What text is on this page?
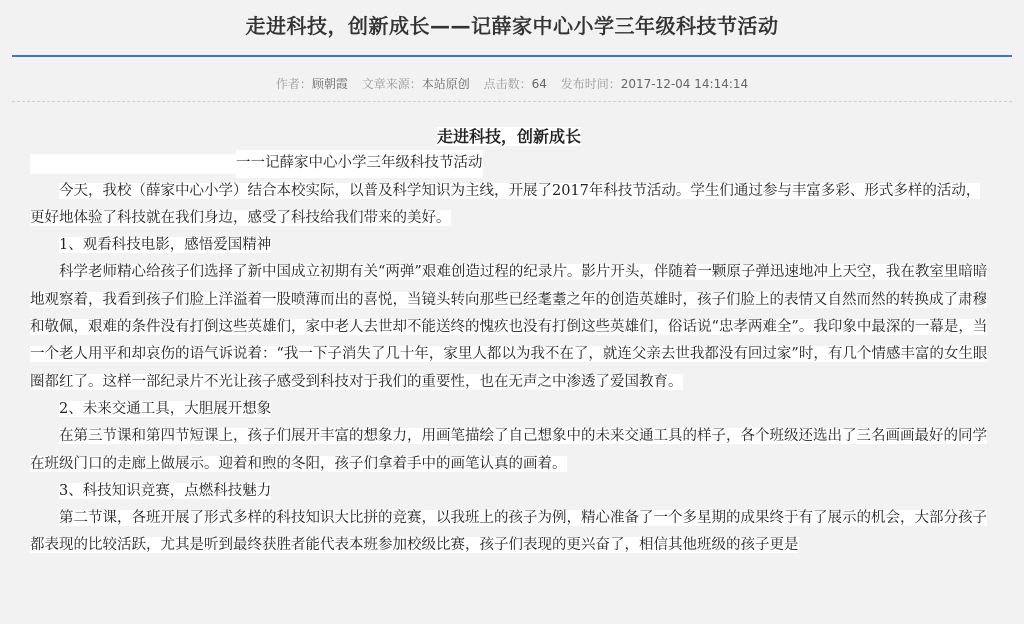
走进科技，创新成长——记薛家中心小学三年级科技节活动
作者：顾朝霞 文章来源：本站原创 点击数：64 发布时间：2017-12-04 14:14:14

走进科技，创新成长

一一记薛家中心小学三年级科技节活动

今天，我校（薛家中心小学）结合本校实际，以普及科学知识为主线，开展了2017年科技节活动。学生们通过参与丰富多彩、形式多样的活动，更好地体验了科技就在我们身边，感受了科技给我们带来的美好。

1、观看科技电影，感悟爱国精神

科学老师精心给孩子们选择了新中国成立初期有关“两弹”艰难创造过程的纪录片。影片开头，伴随着一颗原子弹迅速地冲上天空，我在教室里暗暗地观察着，我看到孩子们脸上洋溢着一股喷薄而出的喜悦，当镜头转向那些已经耄耋之年的创造英雄时，孩子们脸上的表情又自然而然的转换成了肃穆和敬佩，艰难的条件没有打倒这些英雄们，家中老人去世却不能送终的愧疚也没有打倒这些英雄们，俗话说“忠孝两难全”。我印象中最深的一幕是，当一个老人用平和却哀伤的语气诉说着：“我一下子消失了几十年，家里人都以为我不在了，就连父亲去世我都没有回过家”时，有几个情感丰富的女生眼圈都红了。这样一部纪录片不光让孩子感受到科技对于我们的重要性，也在无声之中渗透了爱国教育。

2、未来交通工具，大胆展开想象

在第三节课和第四节短课上，孩子们展开丰富的想象力，用画笔描绘了自己想象中的未来交通工具的样子，各个班级还选出了三名画画最好的同学在班级门口的走廊上做展示。迎着和煦的冬阳，孩子们拿着手中的画笔认真的画着。

3、科技知识竞赛，点燃科技魅力

第二节课，各班开展了形式多样的科技知识大比拼的竞赛，以我班上的孩子为例，精心准备了一个多星期的成果终于有了展示的机会，大部分孩子都表现的比较活跃，尤其是听到最终获胜者能代表本班参加校级比赛，孩子们表现的更兴奋了，相信其他班级的孩子更是
